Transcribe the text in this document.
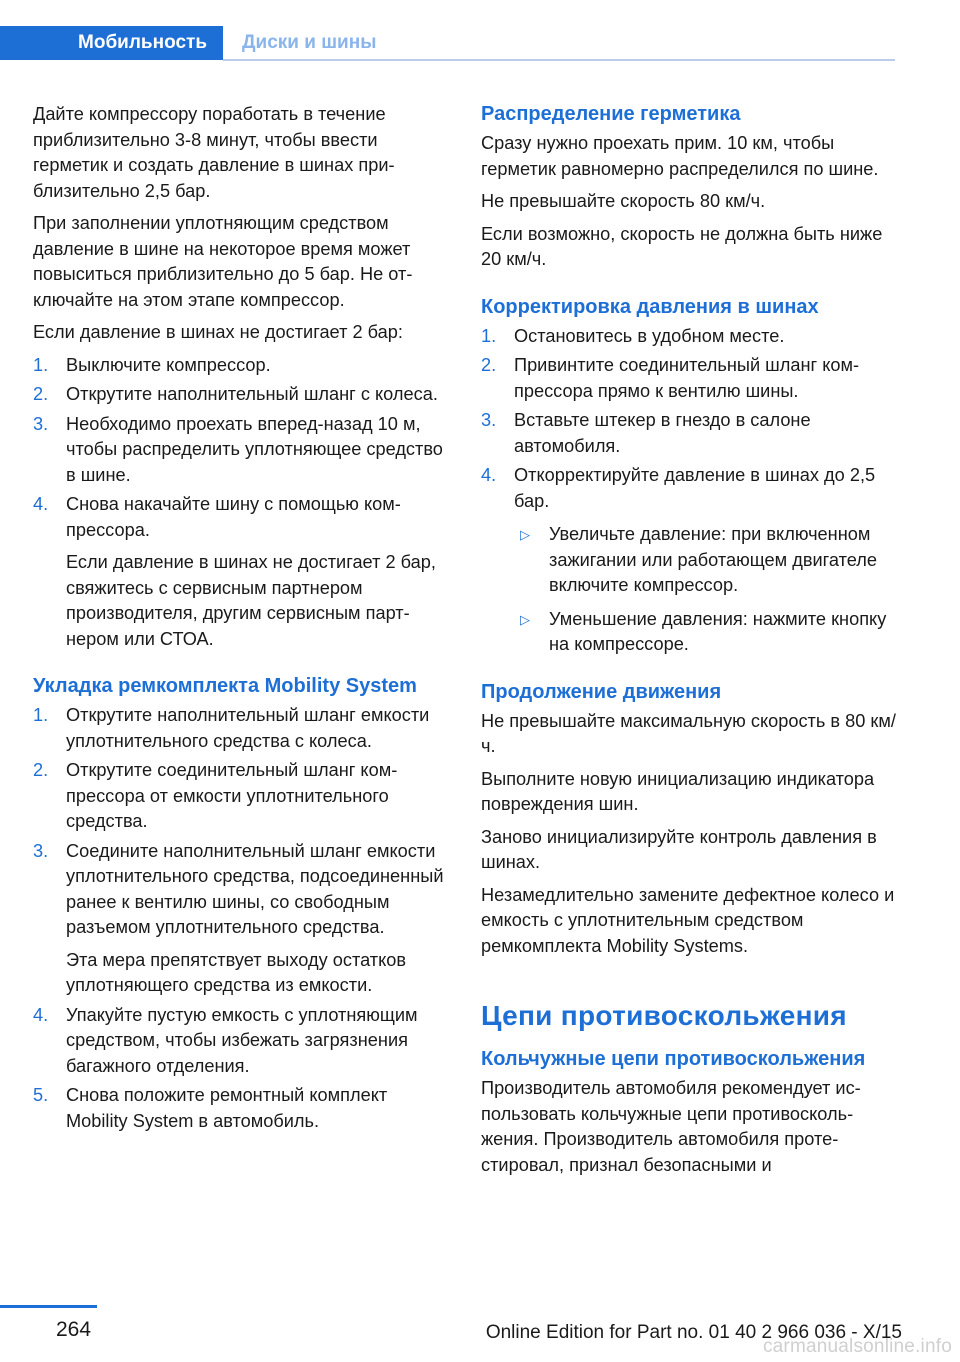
Мобильность	Диски и шины
Дайте компрессору поработать в течение приблизительно 3-8 минут, чтобы ввести герметик и создать давление в шинах приблизительно 2,5 бар.
При заполнении уплотняющим средством давление в шине на некоторое время может повыситься приблизительно до 5 бар. Не отключайте на этом этапе компрессор.
Если давление в шинах не достигает 2 бар:
1. Выключите компрессор.
2. Открутите наполнительный шланг с колеса.
3. Необходимо проехать вперед-назад 10 м, чтобы распределить уплотняющее средство в шине.
4. Снова накачайте шину с помощью компрессора.
Если давление в шинах не достигает 2 бар, свяжитесь с сервисным партнером производителя, другим сервисным партнером или СТОА.
Укладка ремкомплекта Mobility System
1. Открутите наполнительный шланг емкости уплотнительного средства с колеса.
2. Открутите соединительный шланг компрессора от емкости уплотнительного средства.
3. Соедините наполнительный шланг емкости уплотнительного средства, подсоединенный ранее к вентилю шины, со свободным разъемом уплотнительного средства.
Эта мера препятствует выходу остатков уплотняющего средства из емкости.
4. Упакуйте пустую емкость с уплотняющим средством, чтобы избежать загрязнения багажного отделения.
5. Снова положите ремонтный комплект Mobility System в автомобиль.
Распределение герметика
Сразу нужно проехать прим. 10 км, чтобы герметик равномерно распределился по шине.
Не превышайте скорость 80 км/ч.
Если возможно, скорость не должна быть ниже 20 км/ч.
Корректировка давления в шинах
1. Остановитесь в удобном месте.
2. Привинтите соединительный шланг компрессора прямо к вентилю шины.
3. Вставьте штекер в гнездо в салоне автомобиля.
4. Откорректируйте давление в шинах до 2,5 бар.
▷ Увеличьте давление: при включенном зажигании или работающем двигателе включите компрессор.
▷ Уменьшение давления: нажмите кнопку на компрессоре.
Продолжение движения
Не превышайте максимальную скорость в 80 км/ч.
Выполните новую инициализацию индикатора повреждения шин.
Заново инициализируйте контроль давления в шинах.
Незамедлительно замените дефектное колесо и емкость с уплотнительным средством ремкомплекта Mobility Systems.
Цепи противоскольжения
Кольчужные цепи противоскольжения
Производитель автомобиля рекомендует использовать кольчужные цепи противоскольжения. Производитель автомобиля протестировал, признал безопасными и
264	Online Edition for Part no. 01 40 2 966 036 - X/15
carmanualsonline.info
